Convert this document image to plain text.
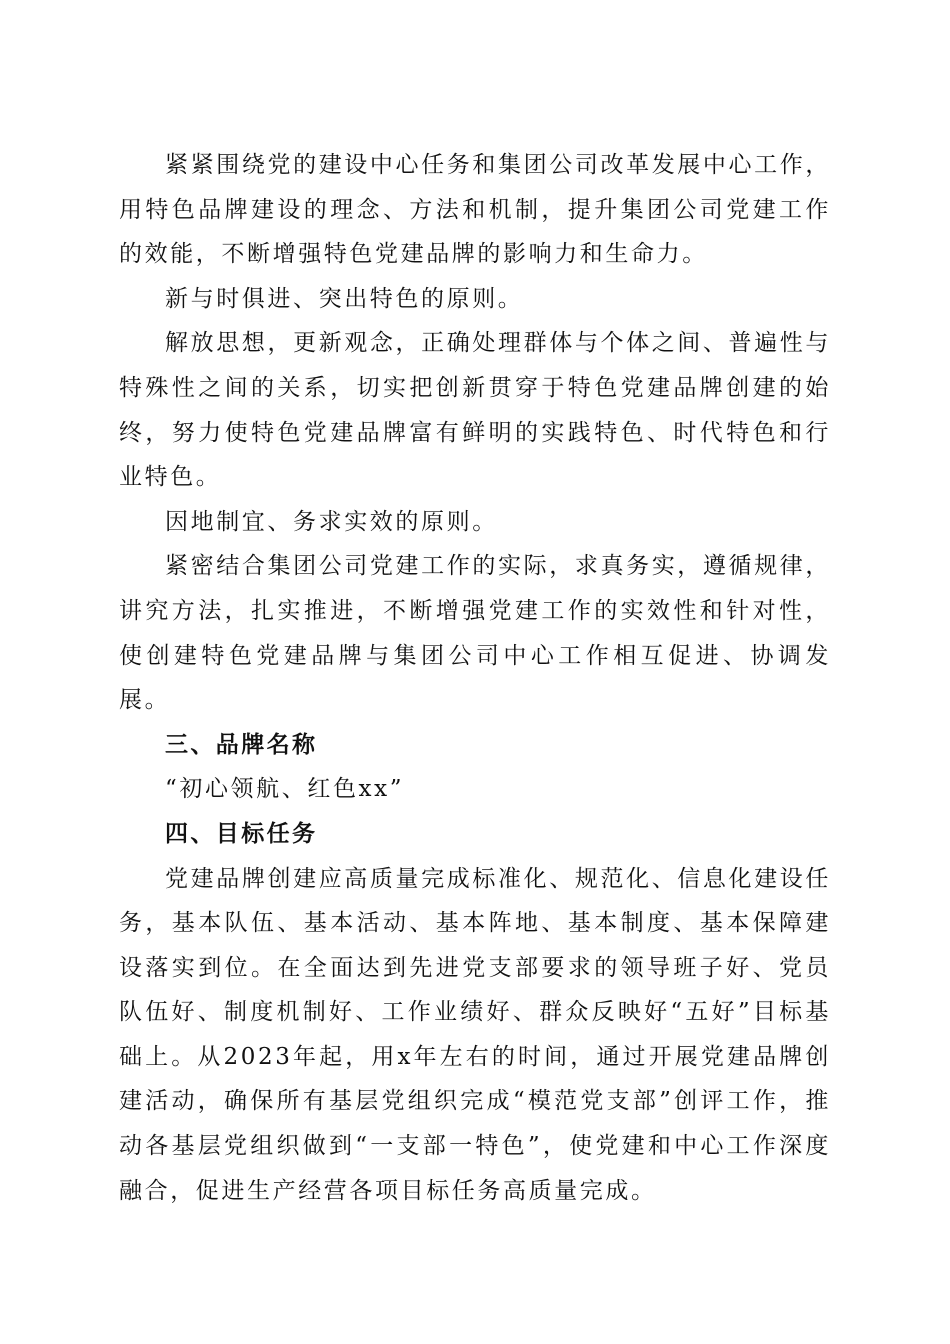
紧紧围绕党的建设中心任务和集团公司改革发展中心工作，用特色品牌建设的理念、方法和机制，提升集团公司党建工作的效能，不断增强特色党建品牌的影响力和生命力。

新与时俱进、突出特色的原则。

解放思想，更新观念，正确处理群体与个体之间、普遍性与特殊性之间的关系，切实把创新贯穿于特色党建品牌创建的始终，努力使特色党建品牌富有鲜明的实践特色、时代特色和行业特色。

因地制宜、务求实效的原则。

紧密结合集团公司党建工作的实际，求真务实，遵循规律，讲究方法，扎实推进，不断增强党建工作的实效性和针对性，使创建特色党建品牌与集团公司中心工作相互促进、协调发展。

三、品牌名称

“初心领航、红色xx”

四、目标任务

党建品牌创建应高质量完成标准化、规范化、信息化建设任务，基本队伍、基本活动、基本阵地、基本制度、基本保障建设落实到位。在全面达到先进党支部要求的领导班子好、党员队伍好、制度机制好、工作业绩好、群众反映好“五好”目标基础上。从2023年起，用x年左右的时间，通过开展党建品牌创建活动，确保所有基层党组织完成“模范党支部”创评工作，推动各基层党组织做到“一支部一特色”，使党建和中心工作深度融合，促进生产经营各项目标任务高质量完成。
